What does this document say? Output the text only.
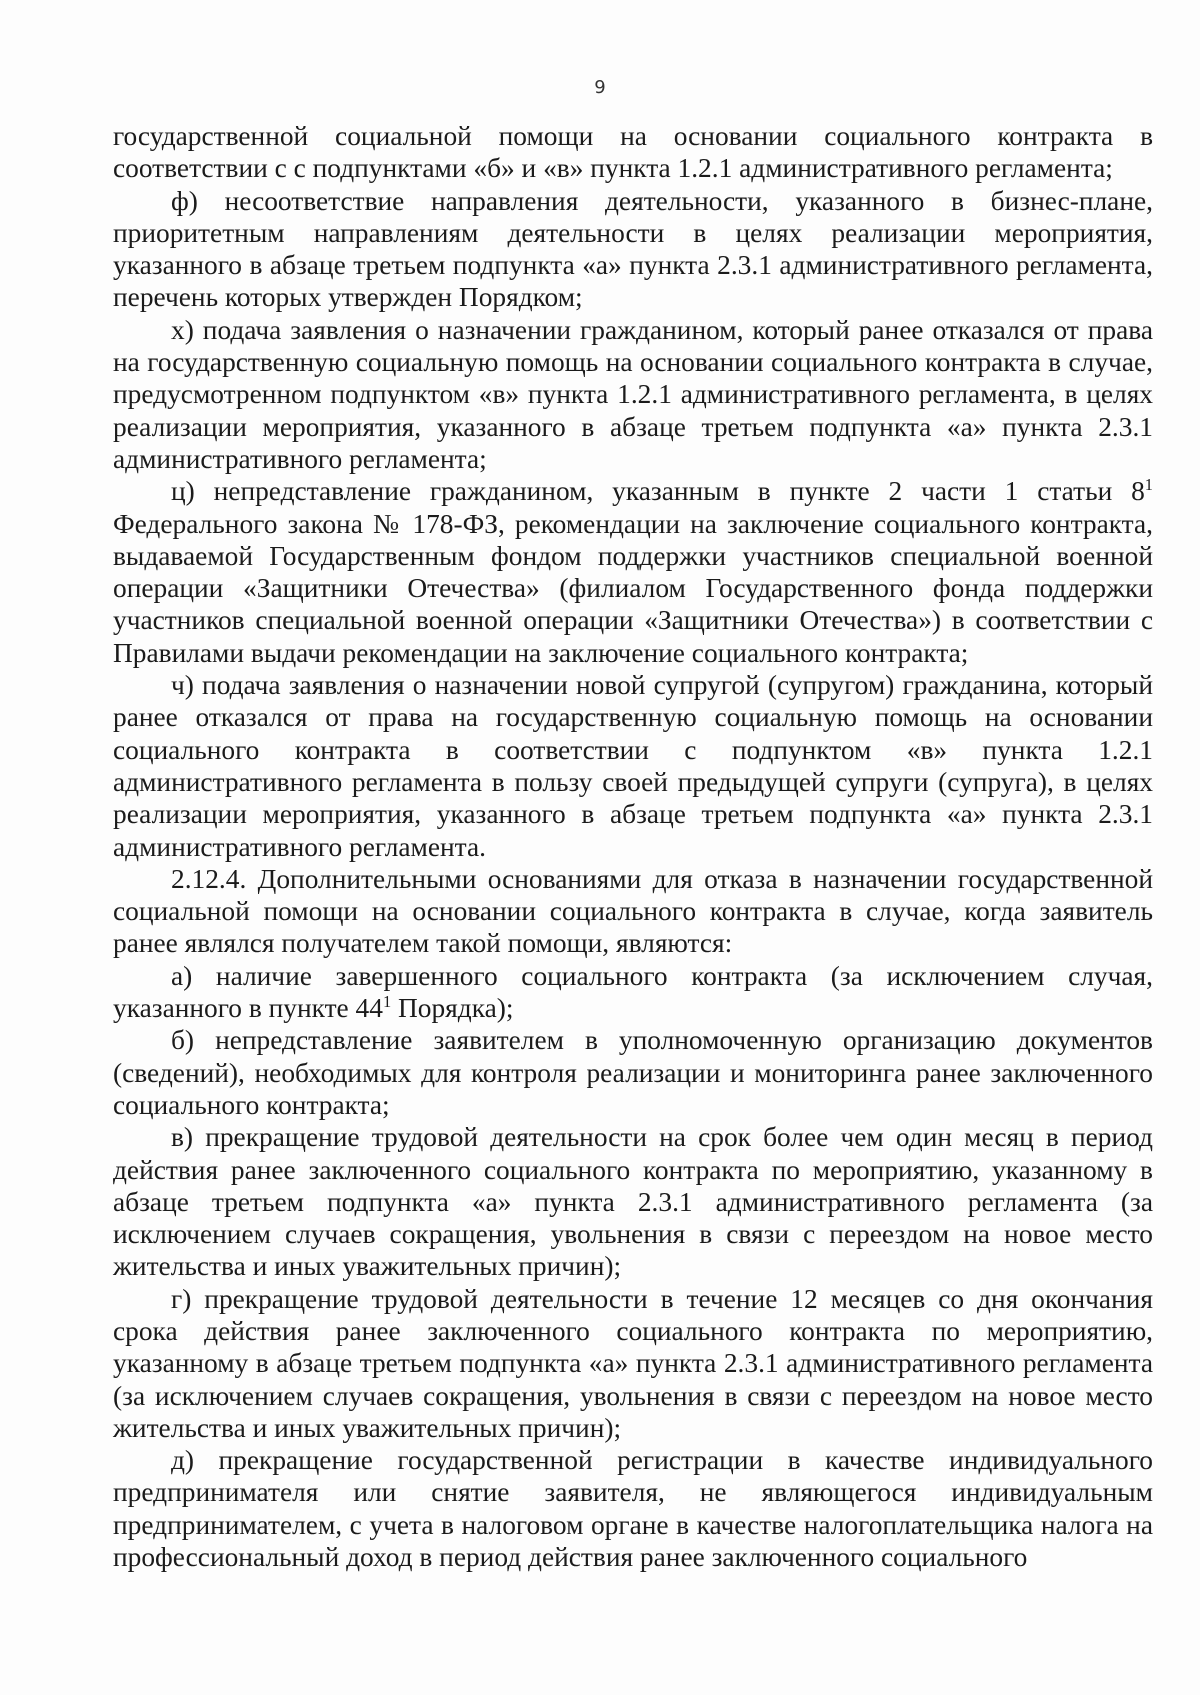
9

государственной социальной помощи на основании социального контракта в соответствии с с подпунктами «б» и «в» пункта 1.2.1 административного регламента;

ф) несоответствие направления деятельности, указанного в бизнес-плане, приоритетным направлениям деятельности в целях реализации мероприятия, указанного в абзаце третьем подпункта «а» пункта 2.3.1 административного регламента, перечень которых утвержден Порядком;

х) подача заявления о назначении гражданином, который ранее отказался от права на государственную социальную помощь на основании социального контракта в случае, предусмотренном подпунктом «в» пункта 1.2.1 административного регламента, в целях реализации мероприятия, указанного в абзаце третьем подпункта «а» пункта 2.3.1 административного регламента;

ц) непредставление гражданином, указанным в пункте 2 части 1 статьи $8^1$ Федерального закона № 178-ФЗ, рекомендации на заключение социального контракта, выдаваемой Государственным фондом поддержки участников специальной военной операции «Защитники Отечества» (филиалом Государственного фонда поддержки участников специальной военной операции «Защитники Отечества») в соответствии с Правилами выдачи рекомендации на заключение социального контракта;

ч) подача заявления о назначении новой супругой (супругом) гражданина, который ранее отказался от права на государственную социальную помощь на основании социального контракта в соответствии с подпунктом «в» пункта 1.2.1 административного регламента в пользу своей предыдущей супруги (супруга), в целях реализации мероприятия, указанного в абзаце третьем подпункта «а» пункта 2.3.1 административного регламента.

2.12.4. Дополнительными основаниями для отказа в назначении государственной социальной помощи на основании социального контракта в случае, когда заявитель ранее являлся получателем такой помощи, являются:

а) наличие завершенного социального контракта (за исключением случая, указанного в пункте $44^1$ Порядка);

б) непредставление заявителем в уполномоченную организацию документов (сведений), необходимых для контроля реализации и мониторинга ранее заключенного социального контракта;

в) прекращение трудовой деятельности на срок более чем один месяц в период действия ранее заключенного социального контракта по мероприятию, указанному в абзаце третьем подпункта «а» пункта 2.3.1 административного регламента (за исключением случаев сокращения, увольнения в связи с переездом на новое место жительства и иных уважительных причин);

г) прекращение трудовой деятельности в течение 12 месяцев со дня окончания срока действия ранее заключенного социального контракта по мероприятию, указанному в абзаце третьем подпункта «а» пункта 2.3.1 административного регламента (за исключением случаев сокращения, увольнения в связи с переездом на новое место жительства и иных уважительных причин);

д) прекращение государственной регистрации в качестве индивидуального предпринимателя или снятие заявителя, не являющегося индивидуальным предпринимателем, с учета в налоговом органе в качестве налогоплательщика налога на профессиональный доход в период действия ранее заключенного социального
